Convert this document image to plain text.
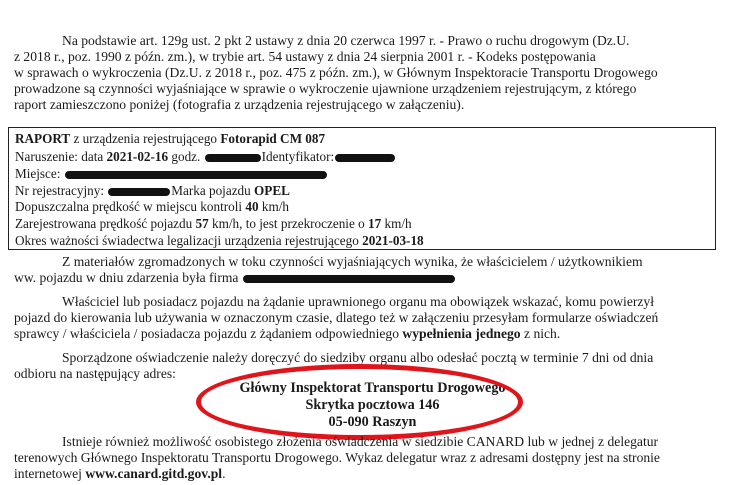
Na podstawie art. 129g ust. 2 pkt 2 ustawy z dnia 20 czerwca 1997 r. - Prawo o ruchu drogowym (Dz.U.
z 2018 r., poz. 1990 z późn. zm.), w trybie art. 54 ustawy z dnia 24 sierpnia 2001 r. - Kodeks postępowania
w sprawach o wykroczenia (Dz.U. z 2018 r., poz. 475 z późn. zm.), w Głównym Inspektoracie Transportu Drogowego
prowadzone są czynności wyjaśniające w sprawie o wykroczenie ujawnione urządzeniem rejestrującym, z którego
raport zamieszczono poniżej (fotografia z urządzenia rejestrującego w załączeniu).
RAPORT z urządzenia rejestrującego Fotorapid CM 087
Naruszenie: data 2021-02-16 godz.	Identyfikator:
Miejsce:
Nr rejestracyjny:	Marka pojazdu OPEL
Dopuszczalna prędkość w miejscu kontroli 40 km/h
Zarejestrowana prędkość pojazdu 57 km/h, to jest przekroczenie o 17 km/h
Okres ważności świadectwa legalizacji urządzenia rejestrującego 2021-03-18
Z materiałów zgromadzonych w toku czynności wyjaśniających wynika, że właścicielem / użytkownikiem
ww. pojazdu w dniu zdarzenia była firma
Właściciel lub posiadacz pojazdu na żądanie uprawnionego organu ma obowiązek wskazać, komu powierzył
pojazd do kierowania lub używania w oznaczonym czasie, dlatego też w załączeniu przesyłam formularze oświadczeń
sprawcy / właściciela / posiadacza pojazdu z żądaniem odpowiedniego wypełnienia jednego z nich.
Sporządzone oświadczenie należy doręczyć do siedziby organu albo odesłać pocztą w terminie 7 dni od dnia
odbioru na następujący adres:
Główny Inspektorat Transportu Drogowego
Skrytka pocztowa 146
05-090 Raszyn
Istnieje również możliwość osobistego złożenia oświadczenia w siedzibie CANARD lub w jednej z delegatur
terenowych Głównego Inspektoratu Transportu Drogowego. Wykaz delegatur wraz z adresami dostępny jest na stronie
internetowej www.canard.gitd.gov.pl.
